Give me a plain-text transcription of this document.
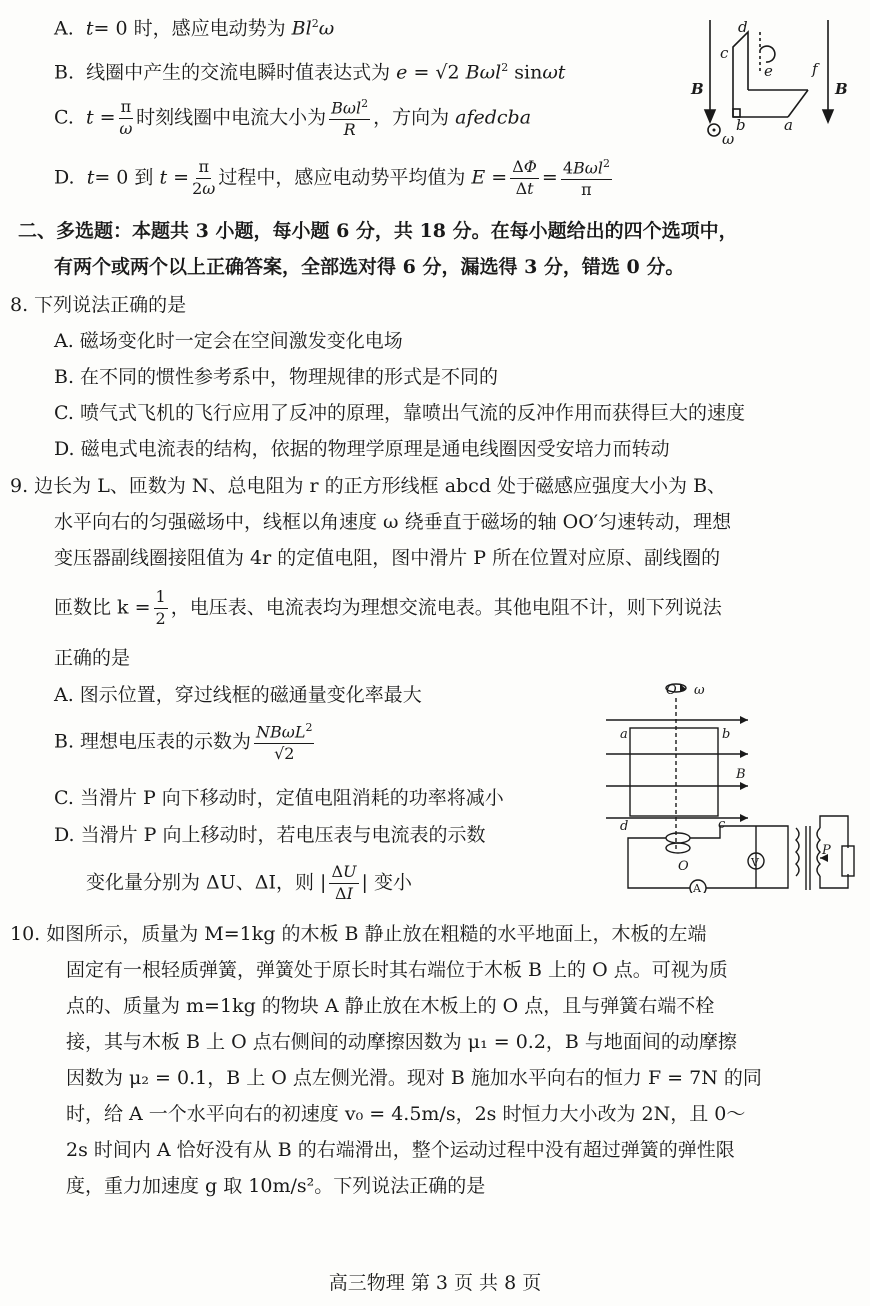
A. t= 0 时，感应电动势为 Bl$^2$ω
B. 线圈中产生的交流电瞬时值表达式为 e = √2 Bωl$^2$ sinωt
C. $t = \frac{\pi}{\omega}$ 时刻线圈中电流大小为 $\frac{B\omega l^2}{R}$ ，方向为 afedcba
D. t= 0 到 $t = \frac{\pi}{2\omega}$ 过程中，感应电动势平均值为 $E = \frac{\Delta\Phi}{\Delta t} = \frac{4B\omega l^2}{\pi}$
d
c
e	f
B	B
b	a
ω
二、多选题：本题共 3 小题，每小题 6 分，共 18 分。在每小题给出的四个选项中，
有两个或两个以上正确答案，全部选对得 6 分，漏选得 3 分，错选 0 分。
8. 下列说法正确的是
A. 磁场变化时一定会在空间激发变化电场
B. 在不同的惯性参考系中，物理规律的形式是不同的
C. 喷气式飞机的飞行应用了反冲的原理，靠喷出气流的反冲作用而获得巨大的速度
D. 磁电式电流表的结构，依据的物理学原理是通电线圈因受安培力而转动
9. 边长为 L、匝数为 N、总电阻为 r 的正方形线框 abcd 处于磁感应强度大小为 B、
水平向右的匀强磁场中，线框以角速度 ω 绕垂直于磁场的轴 OO′匀速转动，理想
变压器副线圈接阻值为 4r 的定值电阻，图中滑片 P 所在位置对应原、副线圈的
匝数比 $k = \frac{1}{2}$ ，电压表、电流表均为理想交流电表。其他电阻不计，则下列说法
正确的是
A. 图示位置，穿过线框的磁通量变化率最大
B. 理想电压表的示数为 $\frac{NB\omega L^2}{√2}$
C. 当滑片 P 向下移动时，定值电阻消耗的功率将减小
D. 当滑片 P 向上移动时，若电压表与电流表的示数
变化量分别为 ΔU、ΔI，则 | $\frac{\Delta U}{\Delta I}$ | 变小
O ω
a	b
B
d	c
O	V
A
P
10. 如图所示，质量为 M=1kg 的木板 B 静止放在粗糙的水平地面上，木板的左端
固定有一根轻质弹簧，弹簧处于原长时其右端位于木板 B 上的 O 点。可视为质
点的、质量为 m=1kg 的物块 A 静止放在木板上的 O 点，且与弹簧右端不栓
接，其与木板 B 上 O 点右侧间的动摩擦因数为 μ₁ = 0.2，B 与地面间的动摩擦
因数为 μ₂ = 0.1，B 上 O 点左侧光滑。现对 B 施加水平向右的恒力 F = 7N 的同
时，给 A 一个水平向右的初速度 v₀ = 4.5m/s，2s 时恒力大小改为 2N，且 0～
2s 时间内 A 恰好没有从 B 的右端滑出，整个运动过程中没有超过弹簧的弹性限
度，重力加速度 g 取 10m/s²。下列说法正确的是
高三物理 第 3 页 共 8 页
